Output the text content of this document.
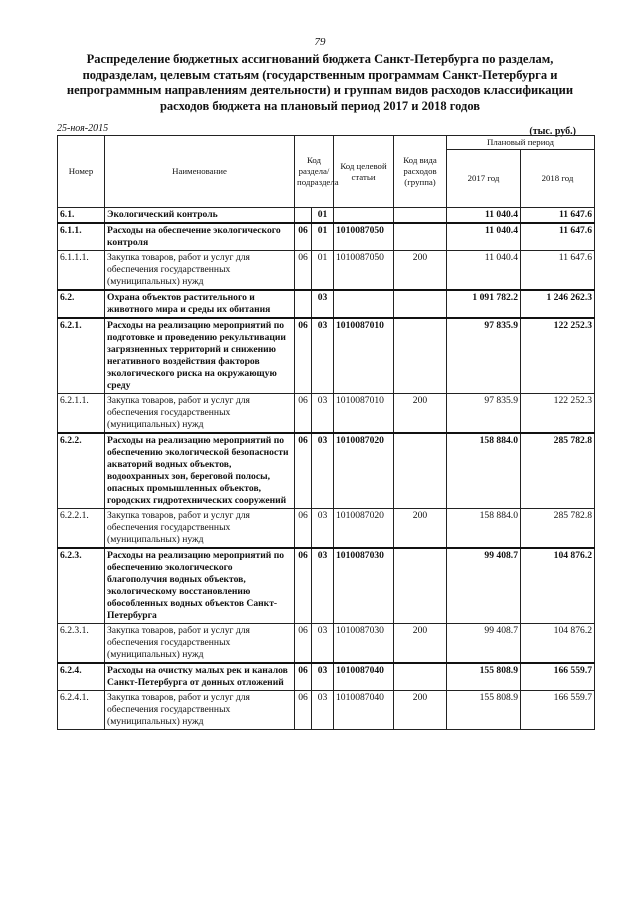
79
Распределение бюджетных ассигнований бюджета Санкт-Петербурга по разделам, подразделам, целевым статьям (государственным программам Санкт-Петербурга и непрограммным направлениям деятельности) и группам видов расходов классификации расходов бюджета на плановый период 2017 и 2018 годов
25-ноя-2015	(тыс. руб.)
Номер	Наименование	Код раздела/ подраздела		Код целевой статьи	Код вида расходов (группа)	Плановый период	
						2017 год	2018 год
6.1.	Экологический контроль		01			11 040.4	11 647.6
6.1.1.	Расходы на обеспечение экологического контроля	06	01	1010087050		11 040.4	11 647.6
6.1.1.1.	Закупка товаров, работ и услуг для обеспечения государственных (муниципальных) нужд	06	01	1010087050	200	11 040.4	11 647.6
6.2.	Охрана объектов растительного и животного мира и среды их обитания		03			1 091 782.2	1 246 262.3
6.2.1.	Расходы на реализацию мероприятий по подготовке и проведению рекультивации загрязненных территорий и снижению негативного воздействия факторов экологического риска на окружающую среду	06	03	1010087010		97 835.9	122 252.3
6.2.1.1.	Закупка товаров, работ и услуг для обеспечения государственных (муниципальных) нужд	06	03	1010087010	200	97 835.9	122 252.3
6.2.2.	Расходы на реализацию мероприятий по обеспечению экологической безопасности акваторий водных объектов, водоохранных зон, береговой полосы, опасных промышленных объектов, городских гидротехнических сооружений	06	03	1010087020		158 884.0	285 782.8
6.2.2.1.	Закупка товаров, работ и услуг для обеспечения государственных (муниципальных) нужд	06	03	1010087020	200	158 884.0	285 782.8
6.2.3.	Расходы на реализацию мероприятий по обеспечению экологического благополучия водных объектов, экологическому восстановлению обособленных водных объектов Санкт-Петербурга	06	03	1010087030		99 408.7	104 876.2
6.2.3.1.	Закупка товаров, работ и услуг для обеспечения государственных (муниципальных) нужд	06	03	1010087030	200	99 408.7	104 876.2
6.2.4.	Расходы на очистку малых рек и каналов Санкт-Петербурга от донных отложений	06	03	1010087040		155 808.9	166 559.7
6.2.4.1.	Закупка товаров, работ и услуг для обеспечения государственных (муниципальных) нужд	06	03	1010087040	200	155 808.9	166 559.7
